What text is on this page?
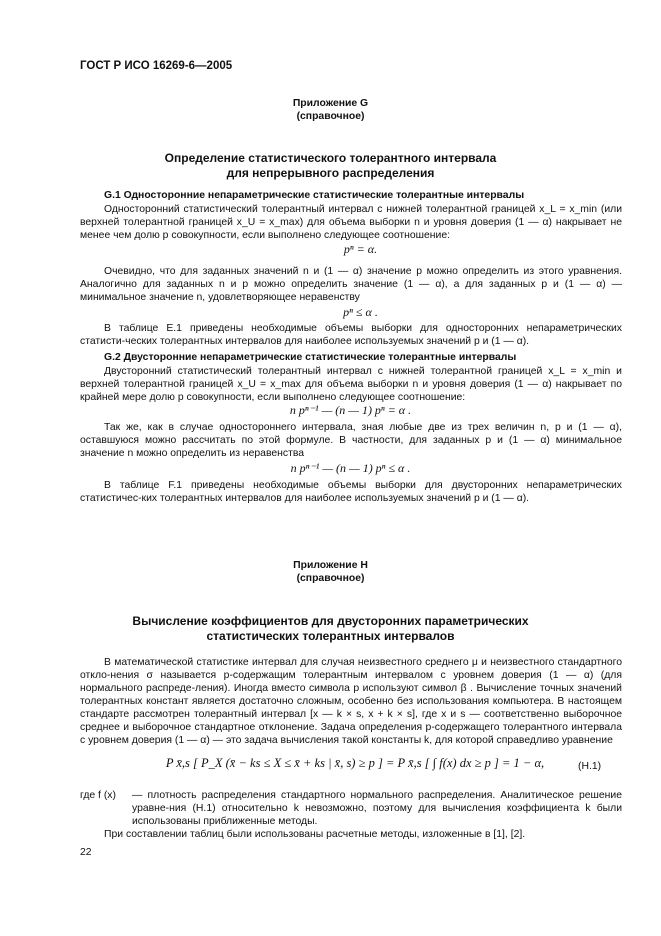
ГОСТ Р ИСО 16269-6—2005
Приложение G
(справочное)
Определение статистического толерантного интервала
для непрерывного распределения
G.1 Односторонние непараметрические статистические толерантные интервалы

Односторонний статистический толерантный интервал с нижней толерантной границей x_L = x_min (или верхней толерантной границей x_U = x_max) для объема выборки n и уровня доверия (1 — α) накрывает не менее чем долю p совокупности, если выполнено следующее соотношение:

pⁿ = α.

Очевидно, что для заданных значений n и (1 — α) значение p можно определить из этого уравнения. Аналогично для заданных n и p можно определить значение (1 — α), а для заданных p и (1 — α) — минимальное значение n, удовлетворяющее неравенству

pⁿ ≤ α .

В таблице E.1 приведены необходимые объемы выборки для односторонних непараметрических статисти-ческих толерантных интервалов для наиболее используемых значений p и (1 — α).

G.2 Двусторонние непараметрические статистические толерантные интервалы

Двусторонний статистический толерантный интервал с нижней толерантной границей x_L = x_min и верхней толерантной границей x_U = x_max для объема выборки n и уровня доверия (1 — α) накрывает по крайней мере долю p совокупности, если выполнено следующее соотношение:

n pⁿ⁻¹ — (n — 1) pⁿ = α .

Так же, как в случае одностороннего интервала, зная любые две из трех величин n, p и (1 — α), оставшуюся можно рассчитать по этой формуле. В частности, для заданных p и (1 — α) минимальное значение n можно определить из неравенства

n pⁿ⁻¹ — (n — 1) pⁿ ≤ α .

В таблице F.1 приведены необходимые объемы выборки для двусторонних непараметрических статистичес-ких толерантных интервалов для наиболее используемых значений p и (1 — α).

Приложение H
(справочное)
Вычисление коэффициентов для двусторонних параметрических
статистических толерантных интервалов

В математической статистике интервал для случая неизвестного среднего μ и неизвестного стандартного откло-нения σ называется p-содержащим толерантным интервалом с уровнем доверия (1 — α) (для нормального распреде-ления). Иногда вместо символа p используют символ β . Вычисление точных значений толерантных констант является достаточно сложным, особенно без использования компьютера. В настоящем стандарте рассмотрен толерантный интервал [x — k × s, x + k × s], где x и s — соответственно выборочное среднее и выборочное стандартное отклонение. Задача определения p-содержащего толерантного интервала с уровнем доверия (1 — α) — это задача вычисления такой константы k, для которой справедливо уравнение

P x̄,s [ P_X (x̄ − ks ≤ X ≤ x̄ + ks | x̄, s) ≥ p ] = P x̄,s [ ∫ f(x) dx ≥ p ] = 1 − α,	(H.1)
где f (x) — плотность распределения стандартного нормального распределения. Аналитическое решение уравне-ния (H.1) относительно k невозможно, поэтому для вычисления коэффициента k были использованы приближенные методы.

При составлении таблиц были использованы расчетные методы, изложенные в [1], [2].

22
